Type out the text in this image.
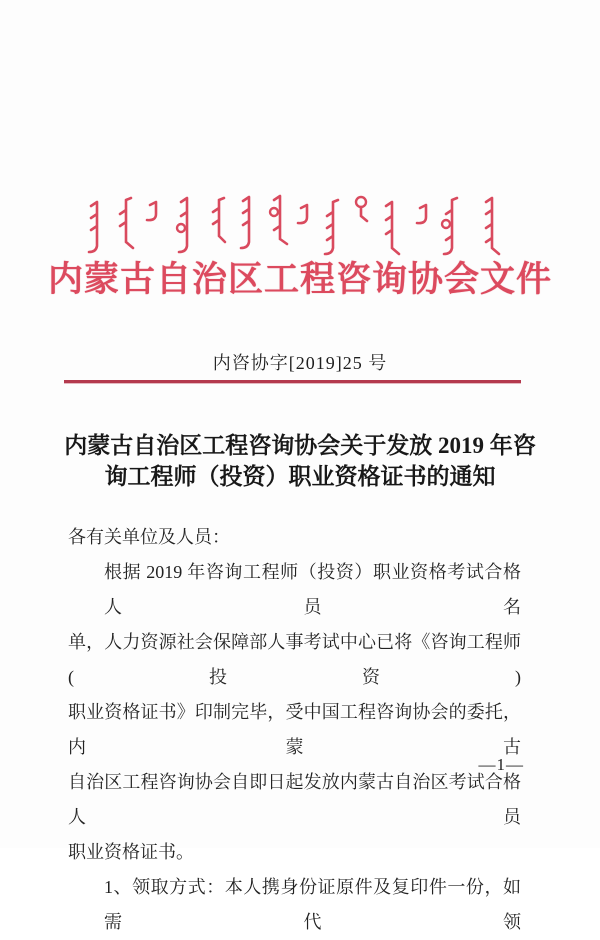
内蒙古自治区工程咨询协会文件
内咨协字[2019]25 号
内蒙古自治区工程咨询协会关于发放 2019 年咨
询工程师（投资）职业资格证书的通知
各有关单位及人员：
根据 2019 年咨询工程师（投资）职业资格考试合格人员名
单，人力资源社会保障部人事考试中心已将《咨询工程师(投资)
职业资格证书》印制完毕，受中国工程咨询协会的委托，内蒙古
自治区工程咨询协会自即日起发放内蒙古自治区考试合格人员
职业资格证书。
1、领取方式：本人携身份证原件及复印件一份，如需代领
—1—
